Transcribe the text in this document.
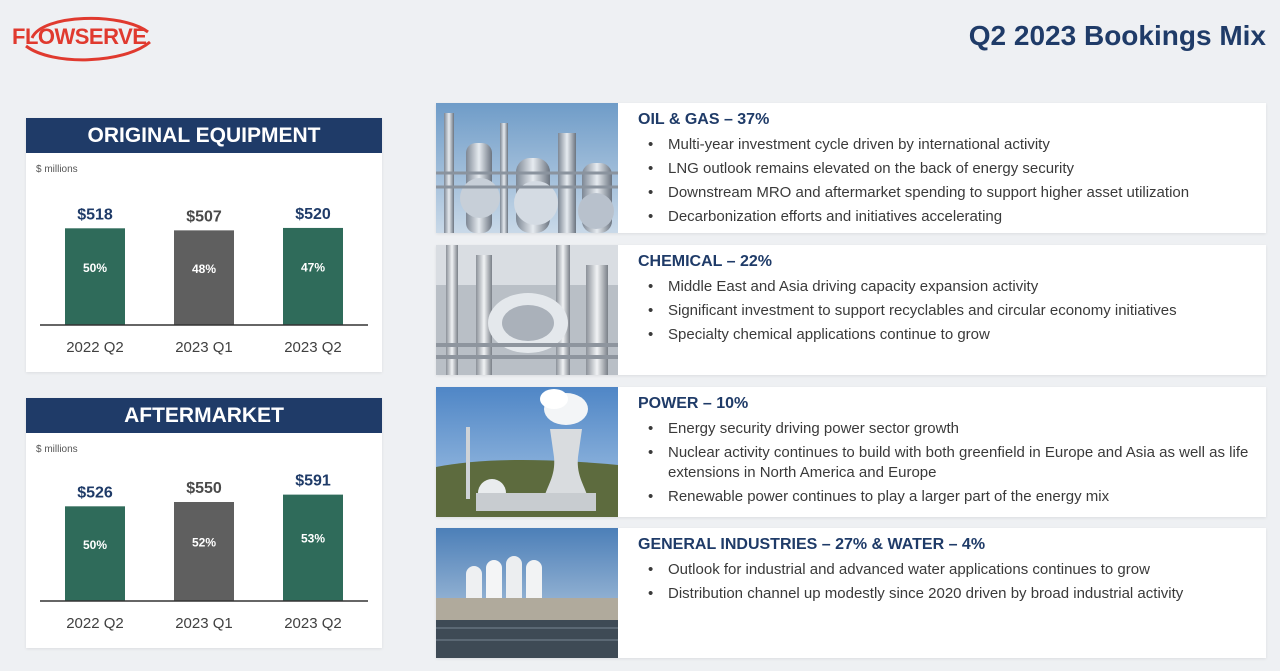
FLOWSERVE	Q2 2023 Bookings Mix
ORIGINAL EQUIPMENT
$ millions
$518
50%
2022 Q2
$507
48%
2023 Q1
$520
47%
2023 Q2
AFTERMARKET
$ millions
$526
50%
2022 Q2
$550
52%
2023 Q1
$591
53%
2023 Q2
OIL & GAS – 37%
• Multi-year investment cycle driven by international activity
• LNG outlook remains elevated on the back of energy security
• Downstream MRO and aftermarket spending to support higher asset utilization
• Decarbonization efforts and initiatives accelerating
CHEMICAL – 22%
• Middle East and Asia driving capacity expansion activity
• Significant investment to support recyclables and circular economy initiatives
• Specialty chemical applications continue to grow
POWER – 10%
• Energy security driving power sector growth
• Nuclear activity continues to build with both greenfield in Europe and Asia as well as life extensions in North America and Europe
• Renewable power continues to play a larger part of the energy mix
GENERAL INDUSTRIES – 27% & WATER – 4%
• Outlook for industrial and advanced water applications continues to grow
• Distribution channel up modestly since 2020 driven by broad industrial activity
